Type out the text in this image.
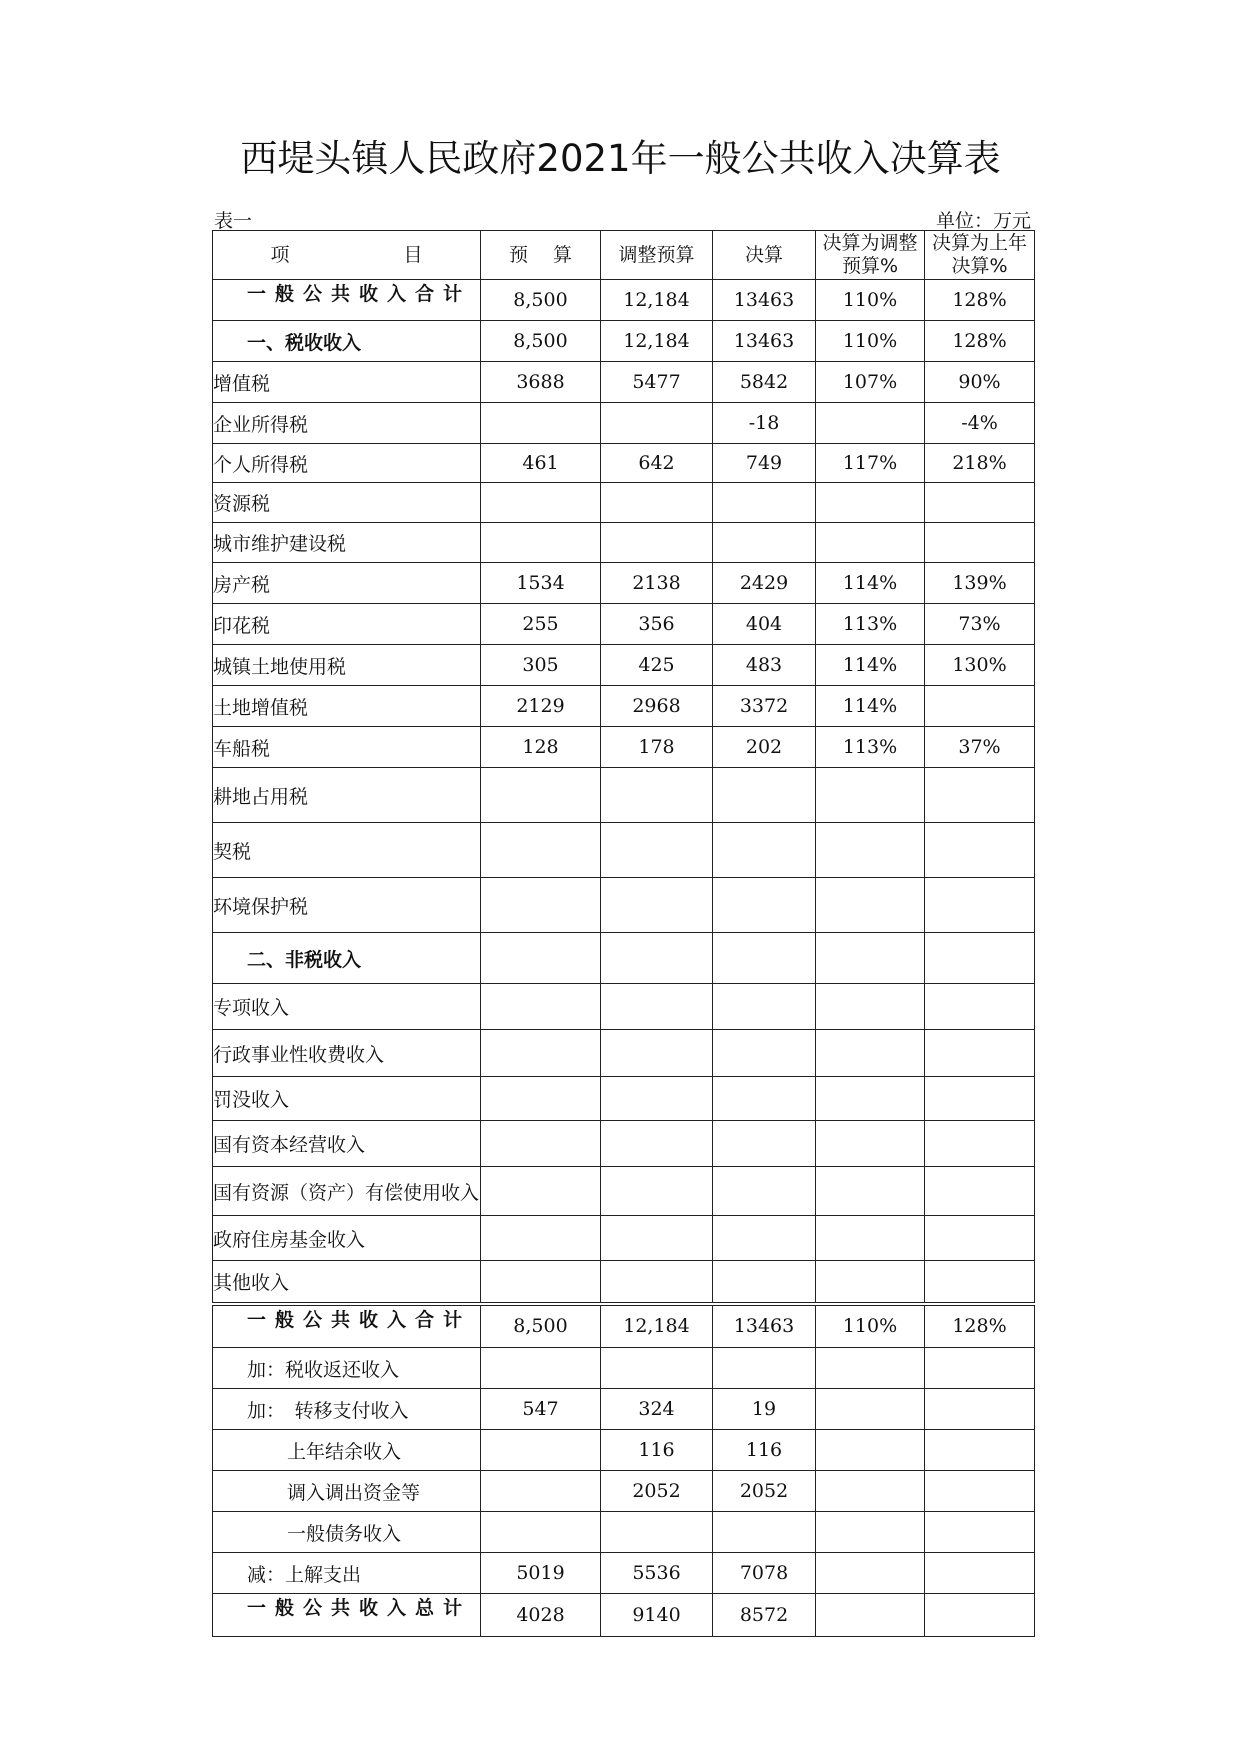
西堤头镇人民政府2021年一般公共收入决算表
表一	单位：万元
项　　　　　　目	预　 算	调整预算	决算	决算为调整预算%	决算为上年决算%
一般公共收入合计	8,500	12,184	13463	110%	128%
一、税收收入	8,500	12,184	13463	110%	128%
增值税	3688	5477	5842	107%	90%
企业所得税			-18		-4%
个人所得税	461	642	749	117%	218%
资源税					
城市维护建设税					
房产税	1534	2138	2429	114%	139%
印花税	255	356	404	113%	73%
城镇土地使用税	305	425	483	114%	130%
土地增值税	2129	2968	3372	114%	
车船税	128	178	202	113%	37%
耕地占用税					
契税					
环境保护税					
二、非税收入					
专项收入					
行政事业性收费收入					
罚没收入					
国有资本经营收入					
国有资源（资产）有偿使用收入					
政府住房基金收入					
其他收入					
一般公共收入合计	8,500	12,184	13463	110%	128%
加：税收返还收入					
加：　转移支付收入	547	324	19		
上年结余收入		116	116		
调入调出资金等		2052	2052		
一般债务收入					
减：上解支出	5019	5536	7078		
一般公共收入总计	4028	9140	8572		
